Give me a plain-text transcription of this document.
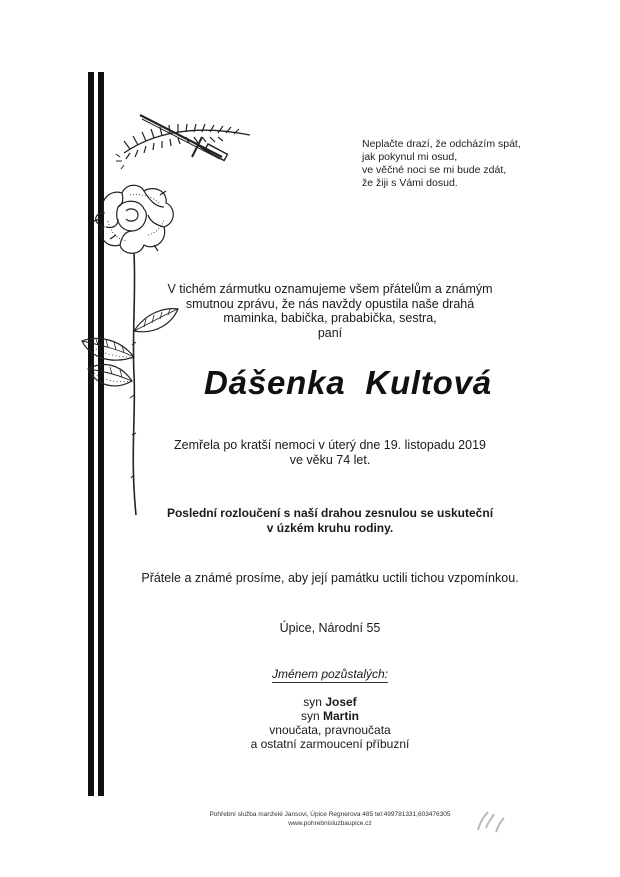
Neplačte drazí, že odcházím spát,
jak pokynul mi osud,
ve věčné noci se mi bude zdát,
že žiji s Vámi dosud.
V tichém zármutku oznamujeme všem přátelům a známým
smutnou zprávu, že nás navždy opustila naše drahá
maminka, babička, prababička, sestra,
paní
Dášenka  Kultová
Zemřela po kratší nemoci v úterý dne 19. listopadu 2019
ve věku 74 let.
Poslední rozloučení s naší drahou zesnulou se uskuteční
v úzkém kruhu rodiny.
Přátele a známé prosíme, aby její památku uctili tichou vzpomínkou.
Úpice, Národní 55
Jménem pozůstalých:
syn Josef
syn Martin
vnoučata, pravnoučata
a ostatní zarmoucení příbuzní
Pohřební služba manželé Jansovi, Úpice Regnerova 485 tel:499781331,603476305
www.pohrebnisluzbaupice.cz
